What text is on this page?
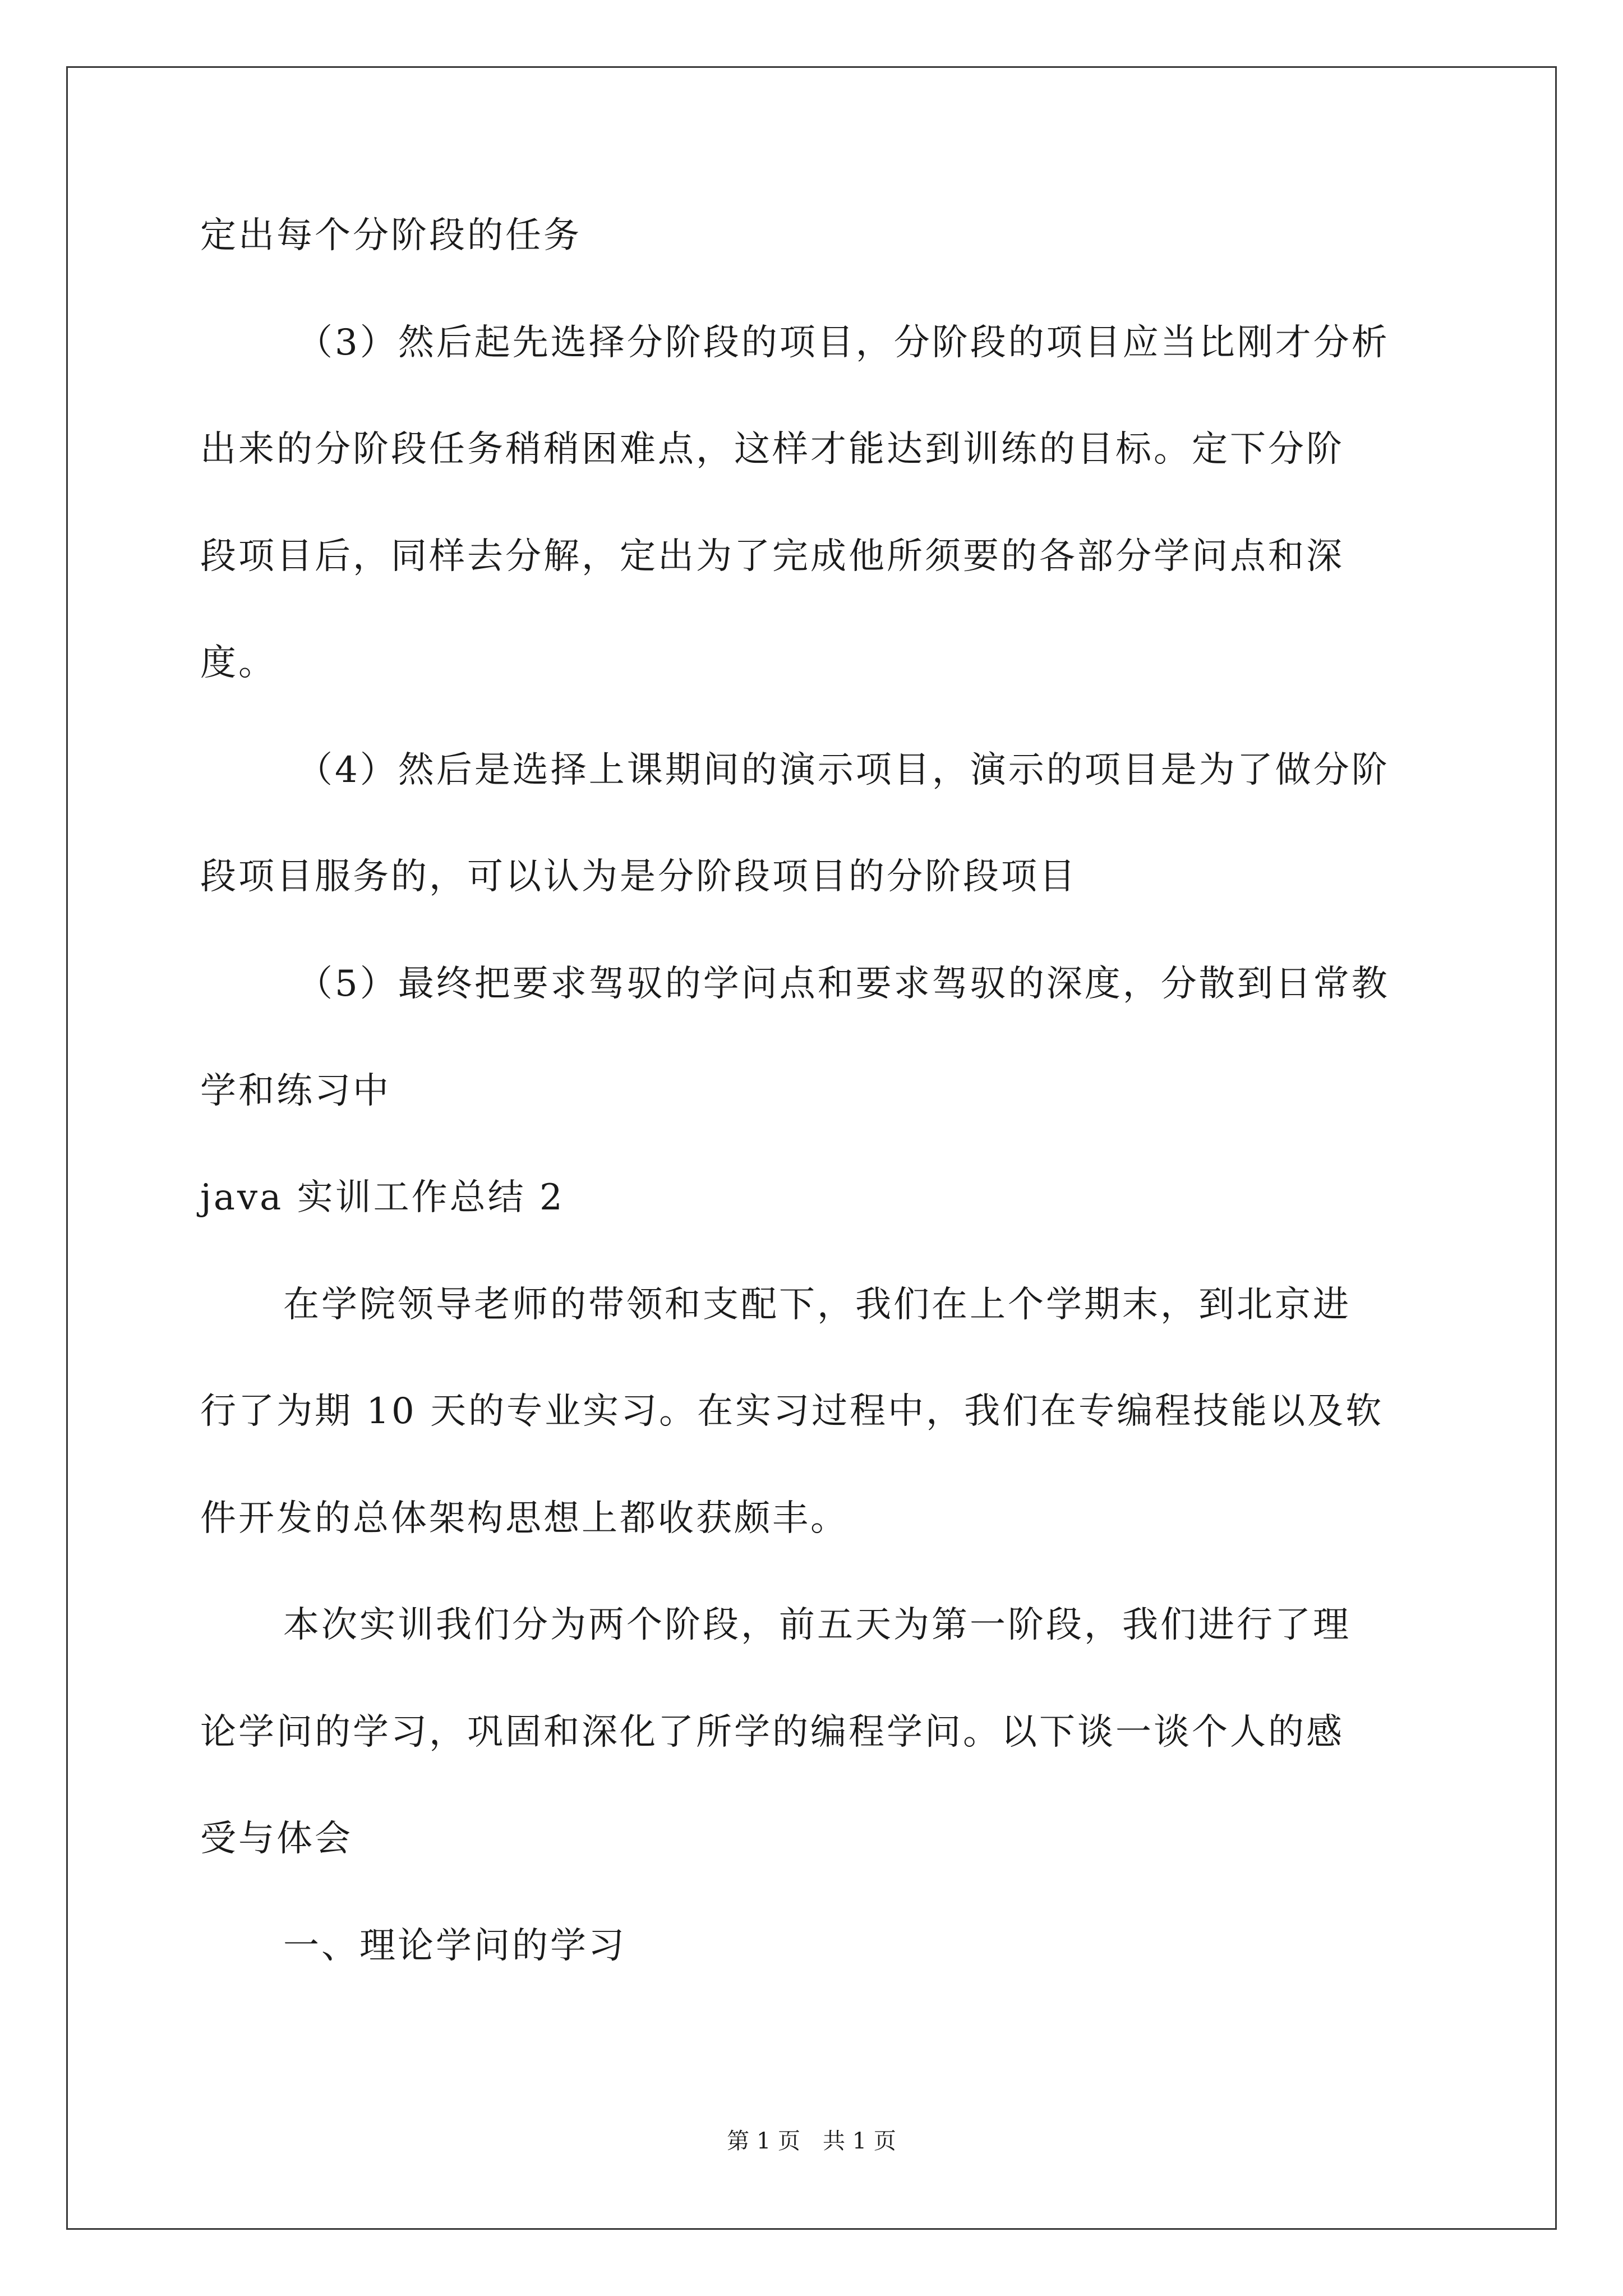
定出每个分阶段的任务
（3）然后起先选择分阶段的项目，分阶段的项目应当比刚才分析
出来的分阶段任务稍稍困难点，这样才能达到训练的目标。定下分阶
段项目后，同样去分解，定出为了完成他所须要的各部分学问点和深
度。
（4）然后是选择上课期间的演示项目，演示的项目是为了做分阶
段项目服务的，可以认为是分阶段项目的分阶段项目
（5）最终把要求驾驭的学问点和要求驾驭的深度，分散到日常教
学和练习中
java 实训工作总结 2
在学院领导老师的带领和支配下，我们在上个学期末，到北京进
行了为期 10 天的专业实习。在实习过程中，我们在专编程技能以及软
件开发的总体架构思想上都收获颇丰。
本次实训我们分为两个阶段，前五天为第一阶段，我们进行了理
论学问的学习，巩固和深化了所学的编程学问。以下谈一谈个人的感
受与体会
一、理论学问的学习
第 1 页　共 1 页
